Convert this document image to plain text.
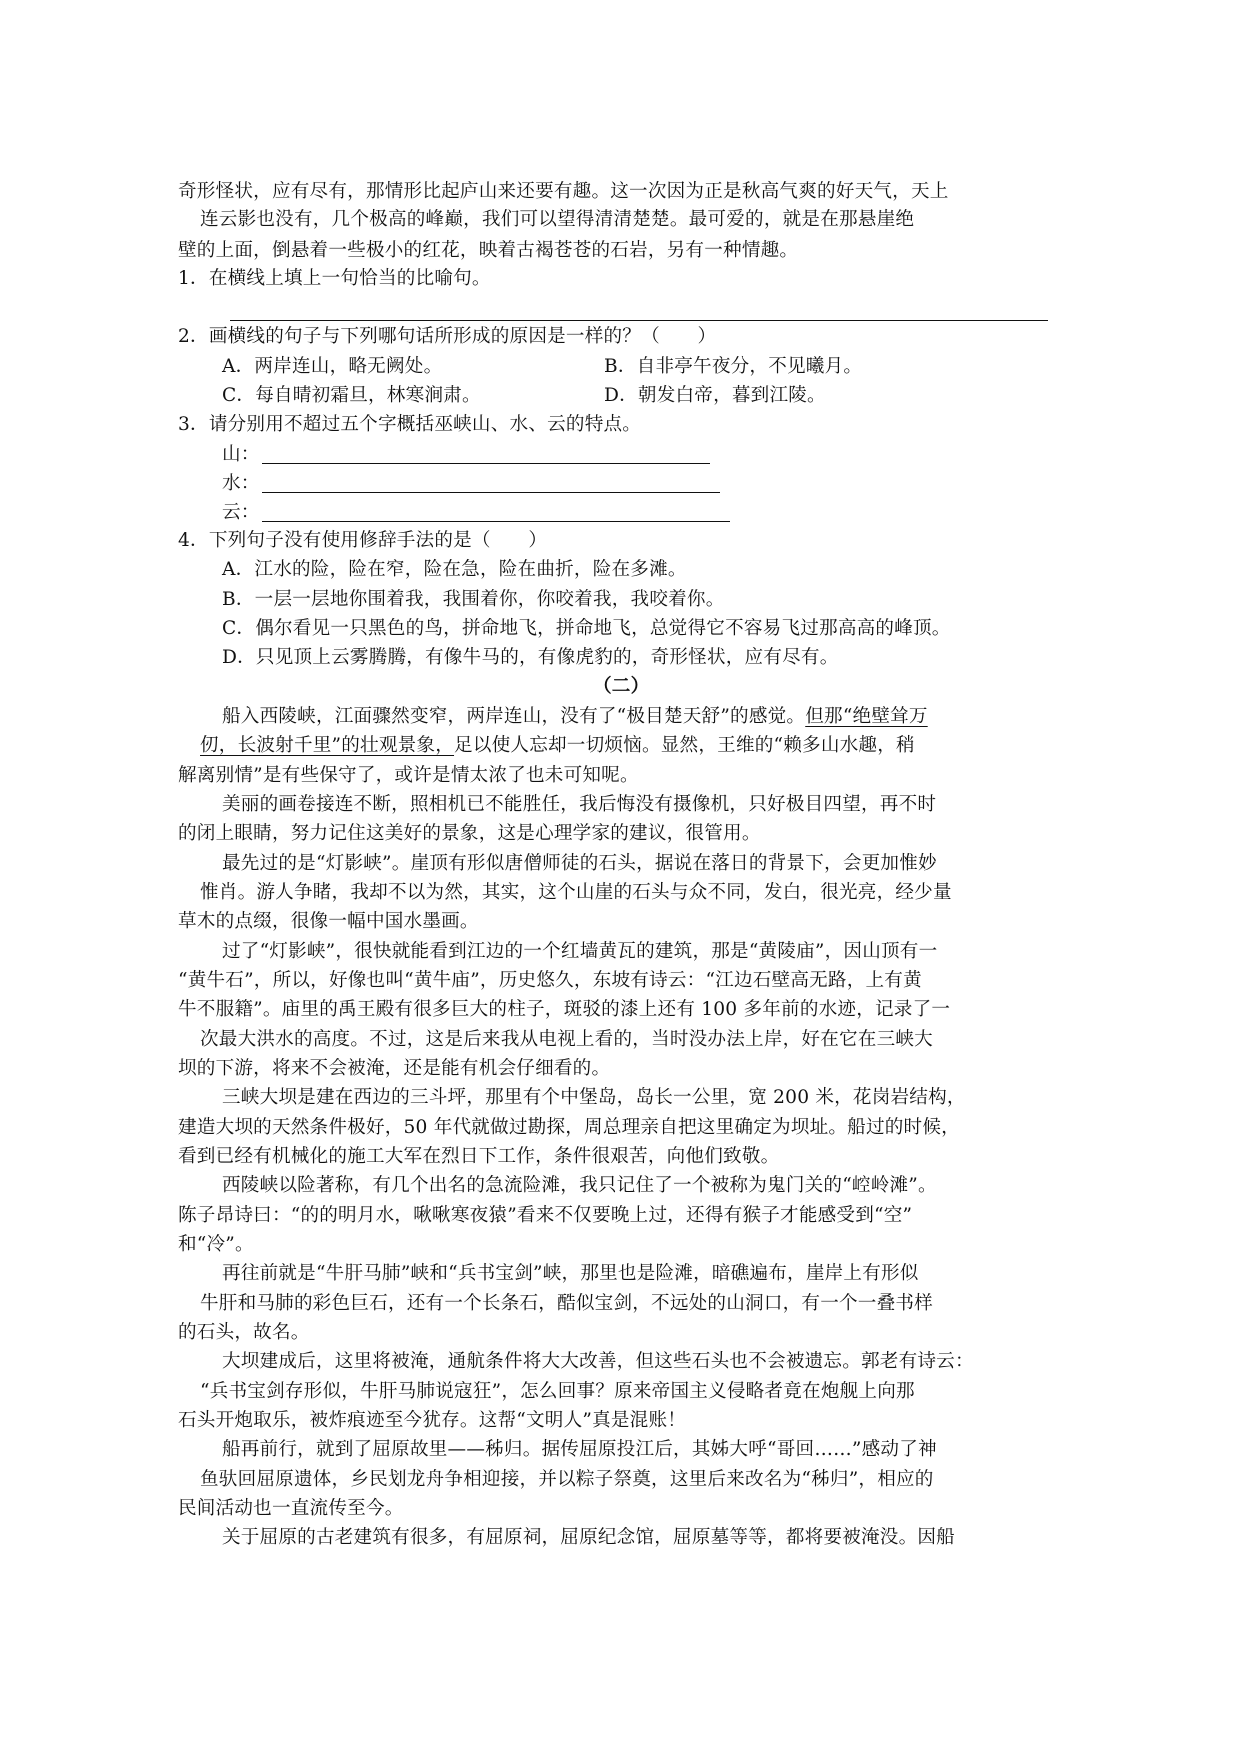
奇形怪状，应有尽有，那情形比起庐山来还要有趣。这一次因为正是秋高气爽的好天气，天上
连云影也没有，几个极高的峰巅，我们可以望得清清楚楚。最可爱的，就是在那悬崖绝
壁的上面，倒悬着一些极小的红花，映着古褐苍苍的石岩，另有一种情趣。
1．在横线上填上一句恰当的比喻句。
2．画横线的句子与下列哪句话所形成的原因是一样的？（　　）
A．两岸连山，略无阙处。	B．自非亭午夜分，不见曦月。
C．每自晴初霜旦，林寒涧肃。	D．朝发白帝，暮到江陵。
3．请分别用不超过五个字概括巫峡山、水、云的特点。
山：
水：
云：
4．下列句子没有使用修辞手法的是（　　）
A．江水的险，险在窄，险在急，险在曲折，险在多滩。
B．一层一层地你围着我，我围着你，你咬着我，我咬着你。
C．偶尔看见一只黑色的鸟，拼命地飞，拼命地飞，总觉得它不容易飞过那高高的峰顶。
D．只见顶上云雾腾腾，有像牛马的，有像虎豹的，奇形怪状，应有尽有。
（二）
船入西陵峡，江面骤然变窄，两岸连山，没有了“极目楚天舒”的感觉。但那“绝壁耸万
仞，长波射千里”的壮观景象，足以使人忘却一切烦恼。显然，王维的“赖多山水趣，稍
解离别情”是有些保守了，或许是情太浓了也未可知呢。
美丽的画卷接连不断，照相机已不能胜任，我后悔没有摄像机，只好极目四望，再不时
的闭上眼睛，努力记住这美好的景象，这是心理学家的建议，很管用。
最先过的是“灯影峡”。崖顶有形似唐僧师徒的石头，据说在落日的背景下，会更加惟妙
惟肖。游人争睹，我却不以为然，其实，这个山崖的石头与众不同，发白，很光亮，经少量
草木的点缀，很像一幅中国水墨画。
过了“灯影峡”，很快就能看到江边的一个红墙黄瓦的建筑，那是“黄陵庙”，因山顶有一
“黄牛石”，所以，好像也叫“黄牛庙”，历史悠久，东坡有诗云：“江边石壁高无路，上有黄
牛不服籍”。庙里的禹王殿有很多巨大的柱子，斑驳的漆上还有 100 多年前的水迹，记录了一
次最大洪水的高度。不过，这是后来我从电视上看的，当时没办法上岸，好在它在三峡大
坝的下游，将来不会被淹，还是能有机会仔细看的。
三峡大坝是建在西边的三斗坪，那里有个中堡岛，岛长一公里，宽 200 米，花岗岩结构，
建造大坝的天然条件极好，50 年代就做过勘探，周总理亲自把这里确定为坝址。船过的时候，
看到已经有机械化的施工大军在烈日下工作，条件很艰苦，向他们致敬。
西陵峡以险著称，有几个出名的急流险滩，我只记住了一个被称为鬼门关的“崆岭滩”。
陈子昂诗曰：“的的明月水，啾啾寒夜猿”看来不仅要晚上过，还得有猴子才能感受到“空”
和“冷”。
再往前就是“牛肝马肺”峡和“兵书宝剑”峡，那里也是险滩，暗礁遍布，崖岸上有形似
牛肝和马肺的彩色巨石，还有一个长条石，酷似宝剑，不远处的山洞口，有一个一叠书样
的石头，故名。
大坝建成后，这里将被淹，通航条件将大大改善，但这些石头也不会被遗忘。郭老有诗云：
“兵书宝剑存形似，牛肝马肺说寇狂”，怎么回事？原来帝国主义侵略者竟在炮舰上向那
石头开炮取乐，被炸痕迹至今犹存。这帮“文明人”真是混账！
船再前行，就到了屈原故里——秭归。据传屈原投江后，其姊大呼“哥回……”感动了神
鱼驮回屈原遗体，乡民划龙舟争相迎接，并以粽子祭奠，这里后来改名为“秭归”，相应的
民间活动也一直流传至今。
关于屈原的古老建筑有很多，有屈原祠，屈原纪念馆，屈原墓等等，都将要被淹没。因船
